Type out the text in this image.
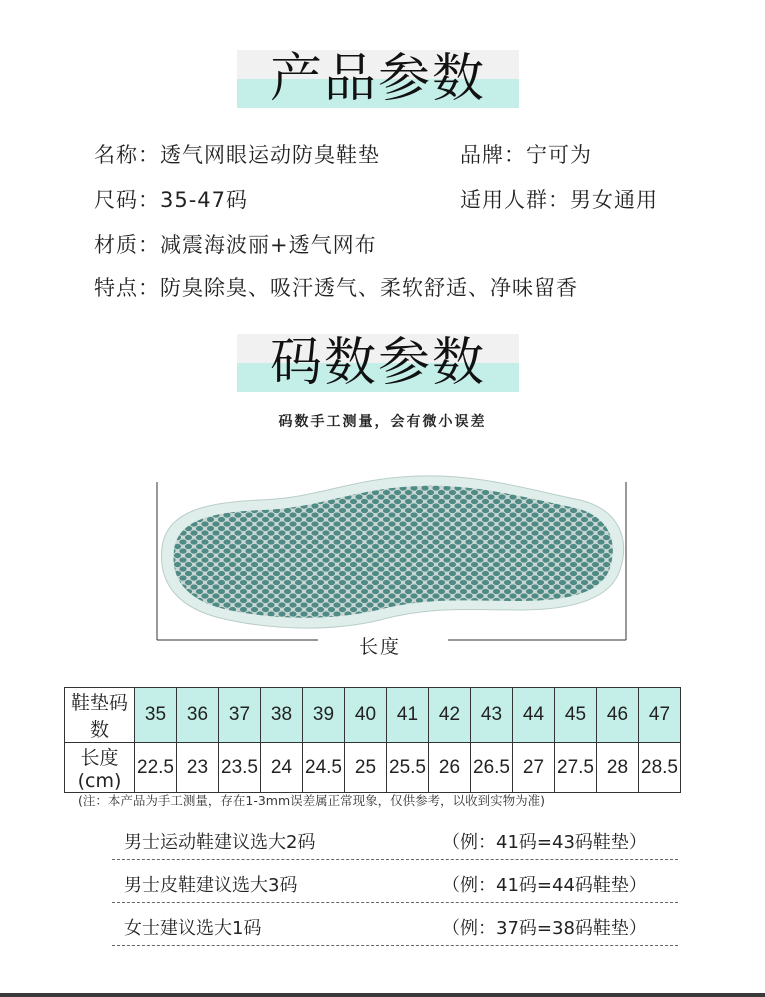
产品参数
名称：透气网眼运动防臭鞋垫	品牌：宁可为
尺码：35-47码	适用人群：男女通用
材质：减震海波丽+透气网布
特点：防臭除臭、吸汗透气、柔软舒适、净味留香
码数参数
码数手工测量，会有微小误差
长度
鞋垫码数	35	36	37	38	39	40	41	42	43	44	45	46	47
长度(cm)	22.5	23	23.5	24	24.5	25	25.5	26	26.5	27	27.5	28	28.5
(注：本产品为手工测量，存在1-3mm误差属正常现象，仅供参考，以收到实物为准)
男士运动鞋建议选大2码	（例：41码=43码鞋垫）
男士皮鞋建议选大3码	（例：41码=44码鞋垫）
女士建议选大1码	（例：37码=38码鞋垫）
